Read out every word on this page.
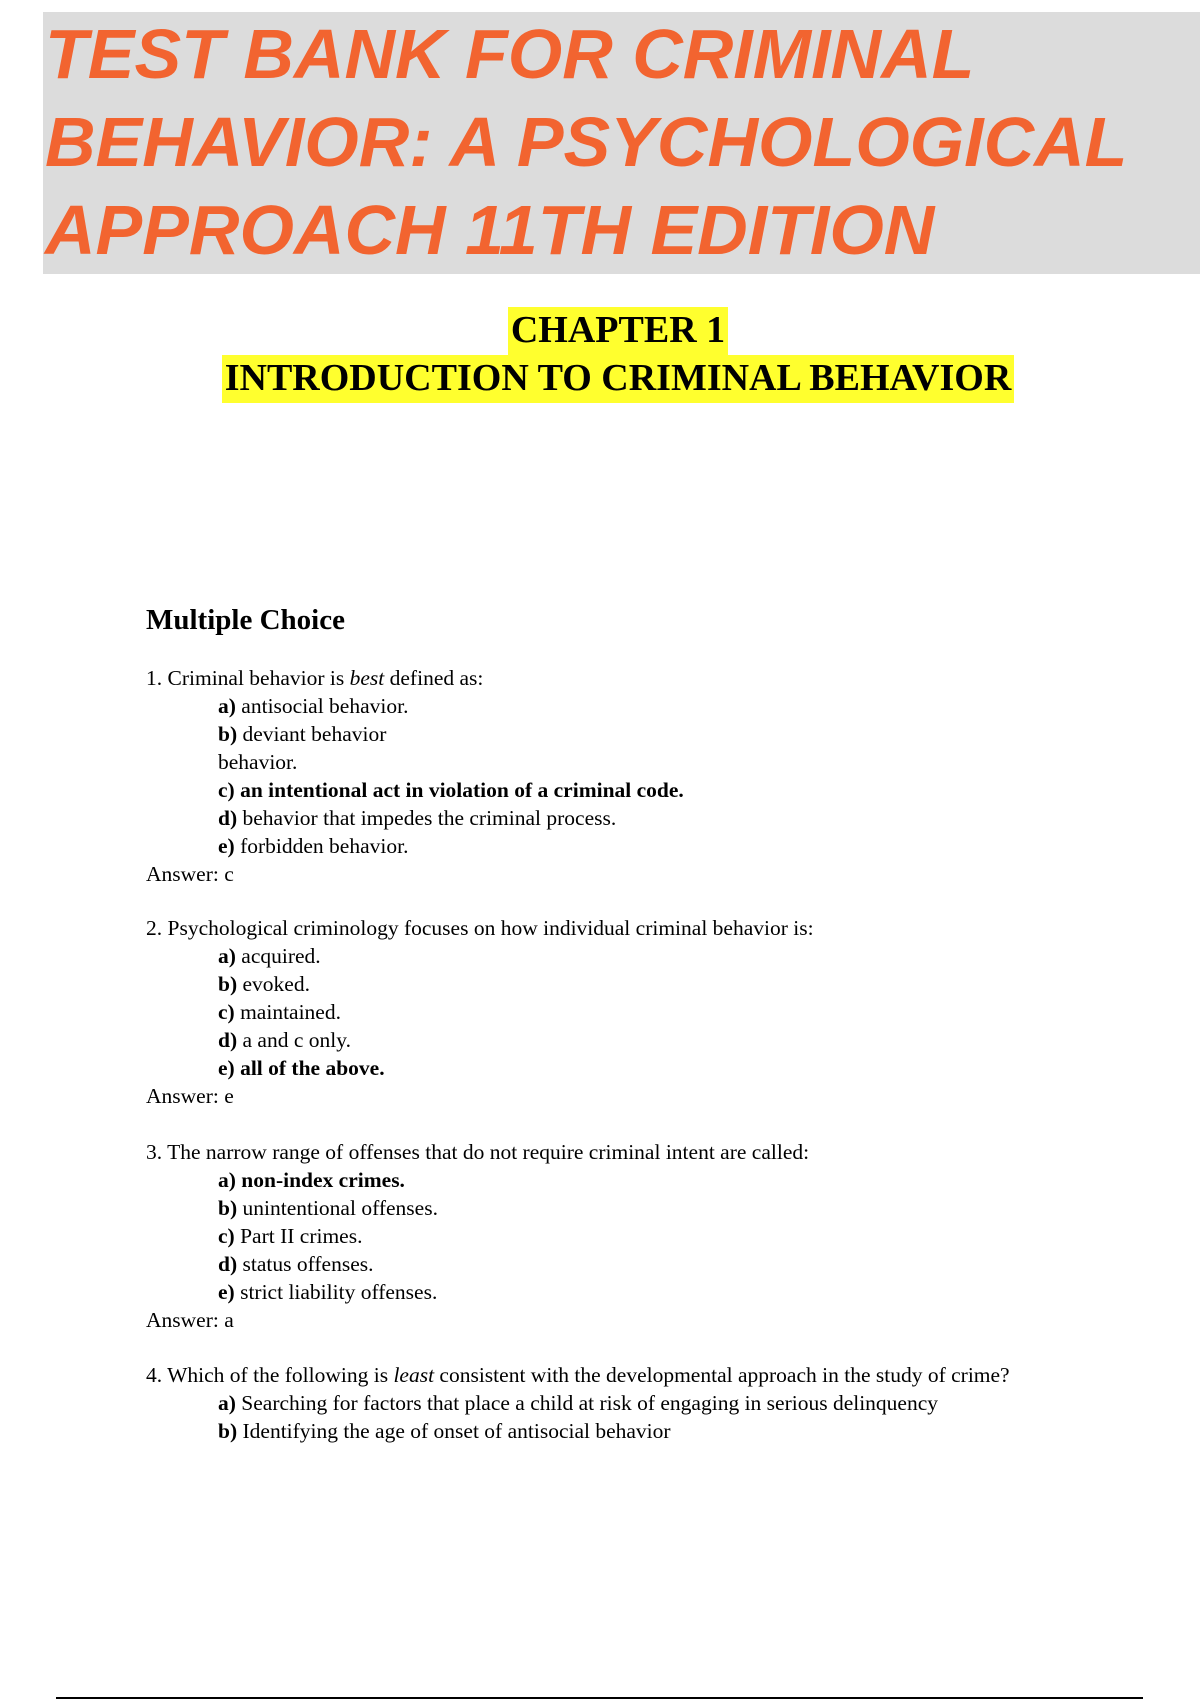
TEST BANK FOR CRIMINAL
BEHAVIOR: A PSYCHOLOGICAL
APPROACH 11TH EDITION
CHAPTER 1
INTRODUCTION TO CRIMINAL BEHAVIOR
Multiple Choice
1. Criminal behavior is best defined as:
a) antisocial behavior.
b) deviant behavior
behavior.
c) an intentional act in violation of a criminal code.
d) behavior that impedes the criminal process.
e) forbidden behavior.

Answer: c

2. Psychological criminology focuses on how individual criminal behavior is:
a) acquired.
b) evoked.
c) maintained.
d) a and c only.
e) all of the above.

Answer: e

3. The narrow range of offenses that do not require criminal intent are called:
a) non-index crimes.
b) unintentional offenses.
c) Part II crimes.
d) status offenses.
e) strict liability offenses.

Answer: a

4. Which of the following is least consistent with the developmental approach in the study of crime?
a) Searching for factors that place a child at risk of engaging in serious delinquency
b) Identifying the age of onset of antisocial behavior
